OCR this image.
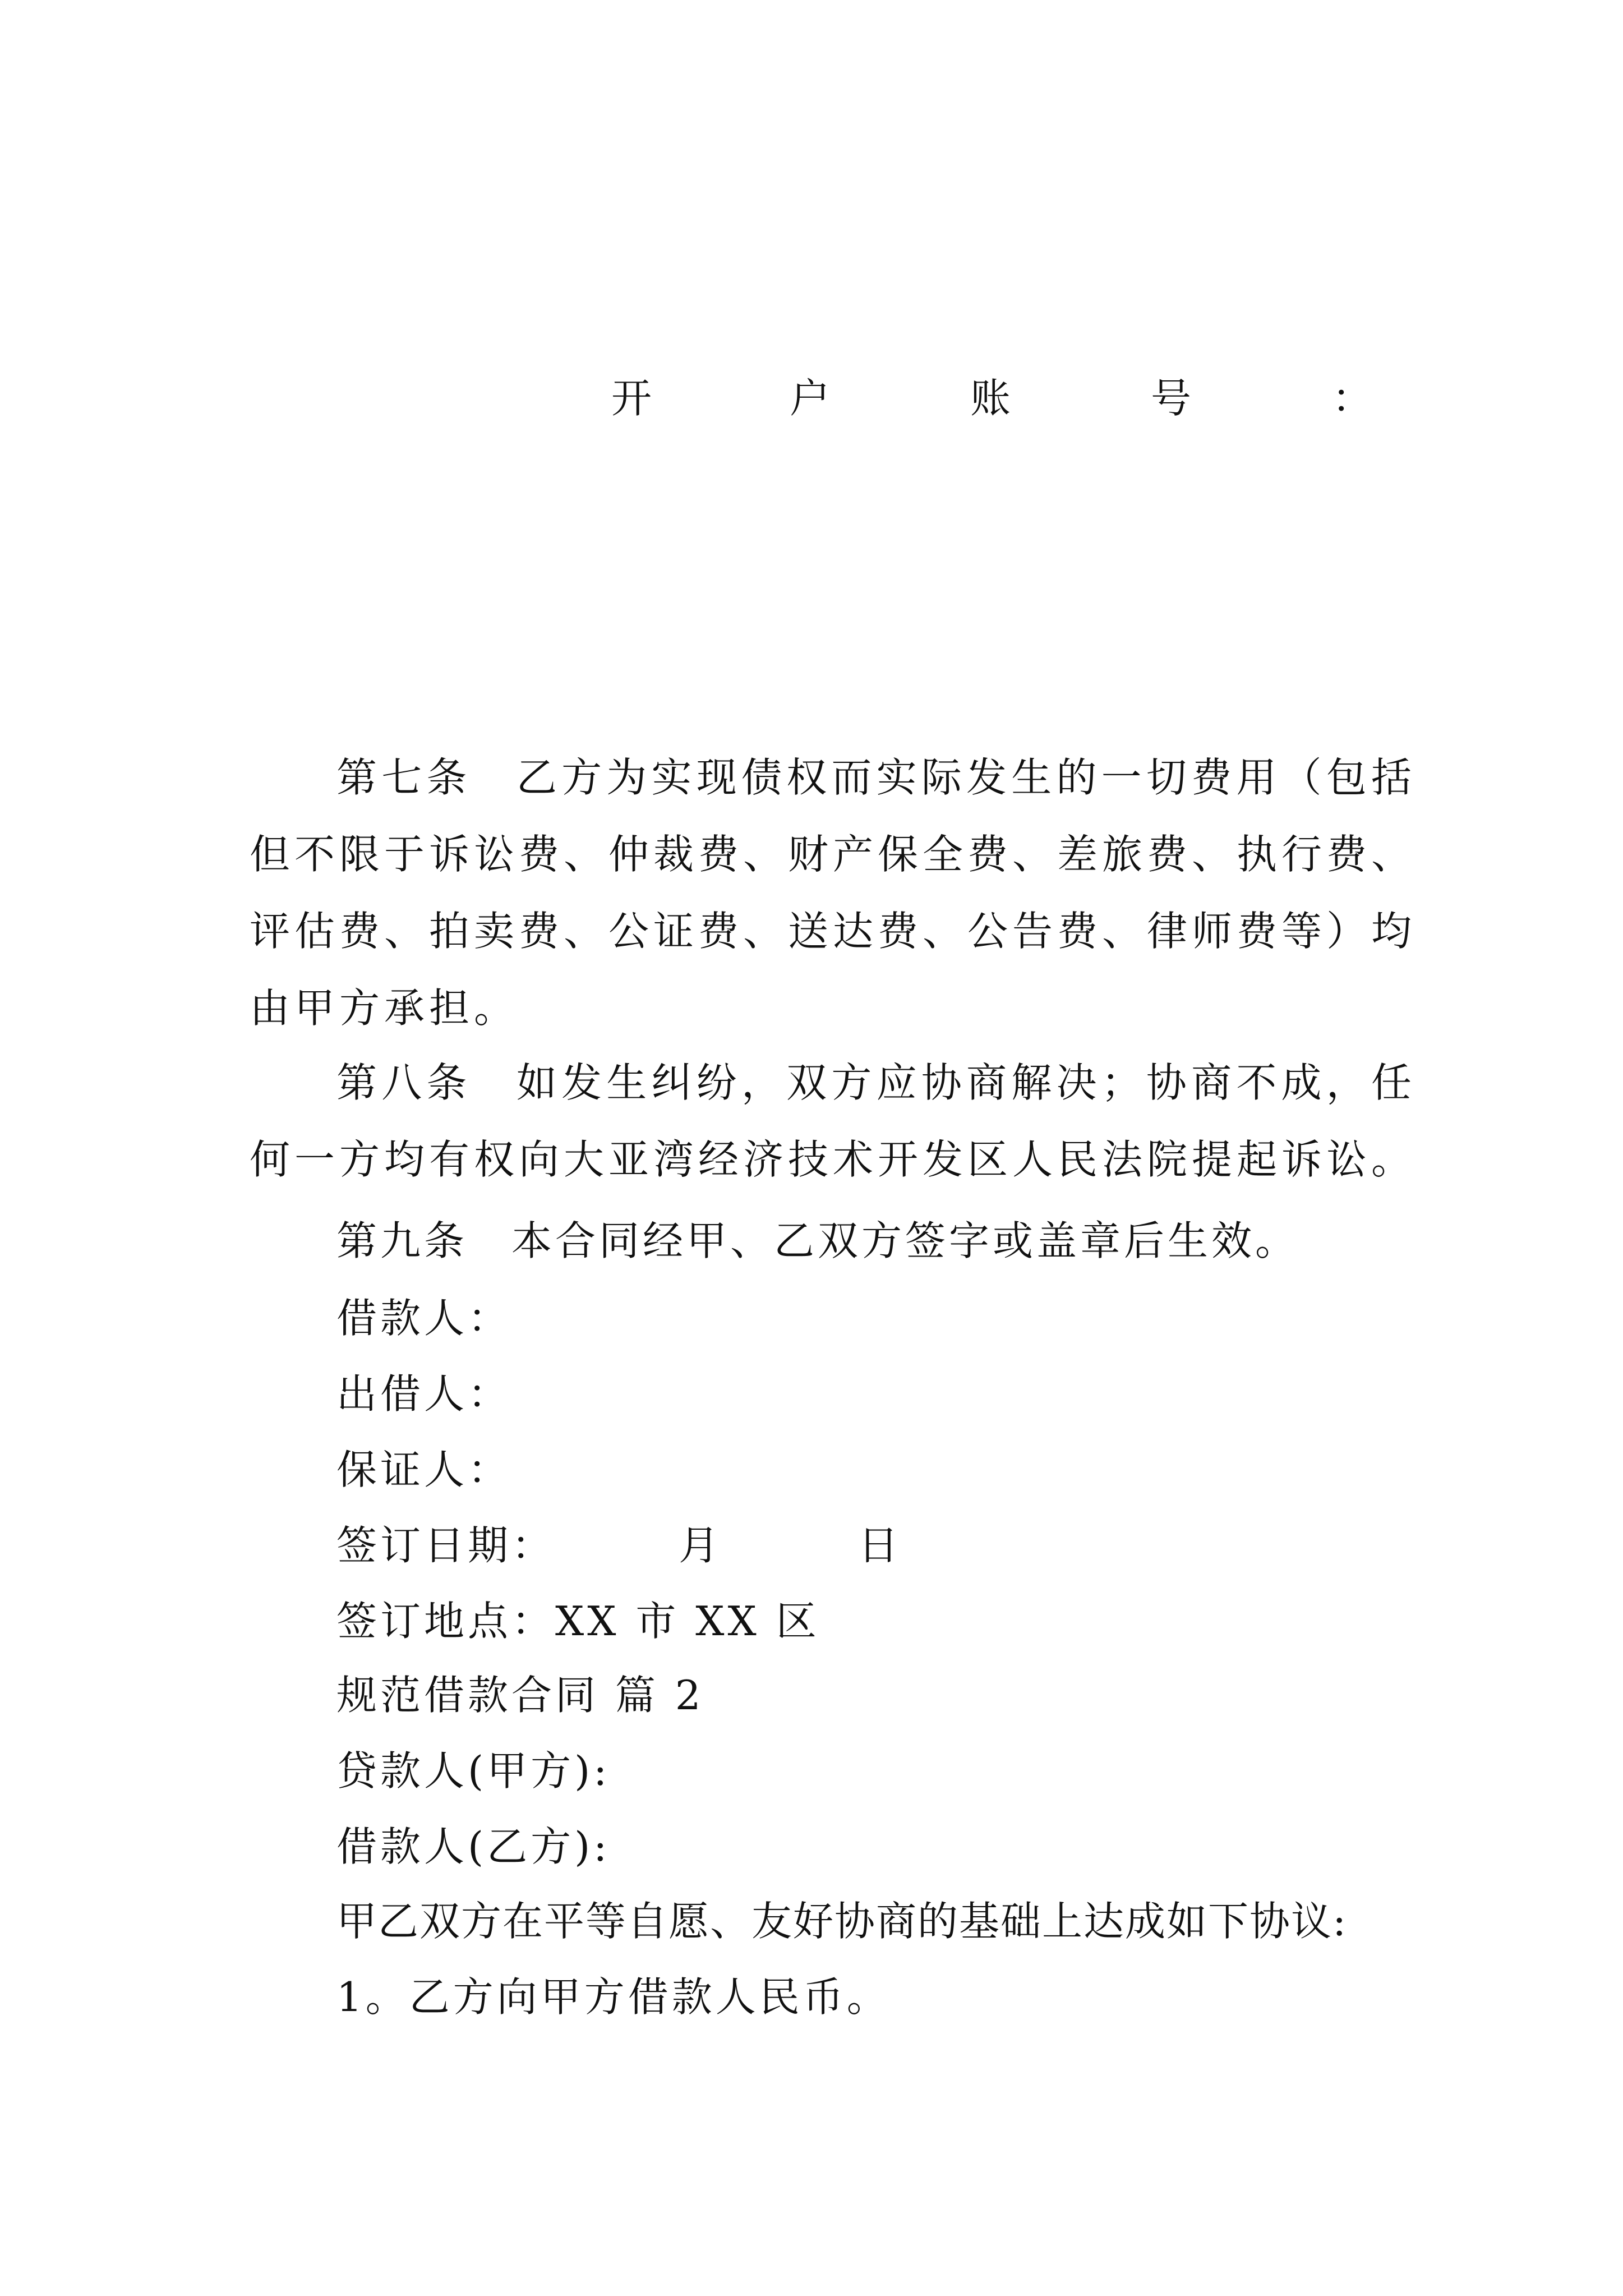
开	户	账	号	：
第七条　乙方为实现债权而实际发生的一切费用（包括但不限于诉讼费、仲裁费、财产保全费、差旅费、执行费、评估费、拍卖费、公证费、送达费、公告费、律师费等）均由甲方承担。
第八条　如发生纠纷，双方应协商解决；协商不成，任何一方均有权向大亚湾经济技术开发区人民法院提起诉讼。
第九条　本合同经甲、乙双方签字或盖章后生效。
借款人：
出借人：
保证人：
签订日期：	月	日
签订地点：XX 市 XX 区
规范借款合同 篇 2
贷款人(甲方):
借款人(乙方):
甲乙双方在平等自愿、友好协商的基础上达成如下协议:
1。乙方向甲方借款人民币。
